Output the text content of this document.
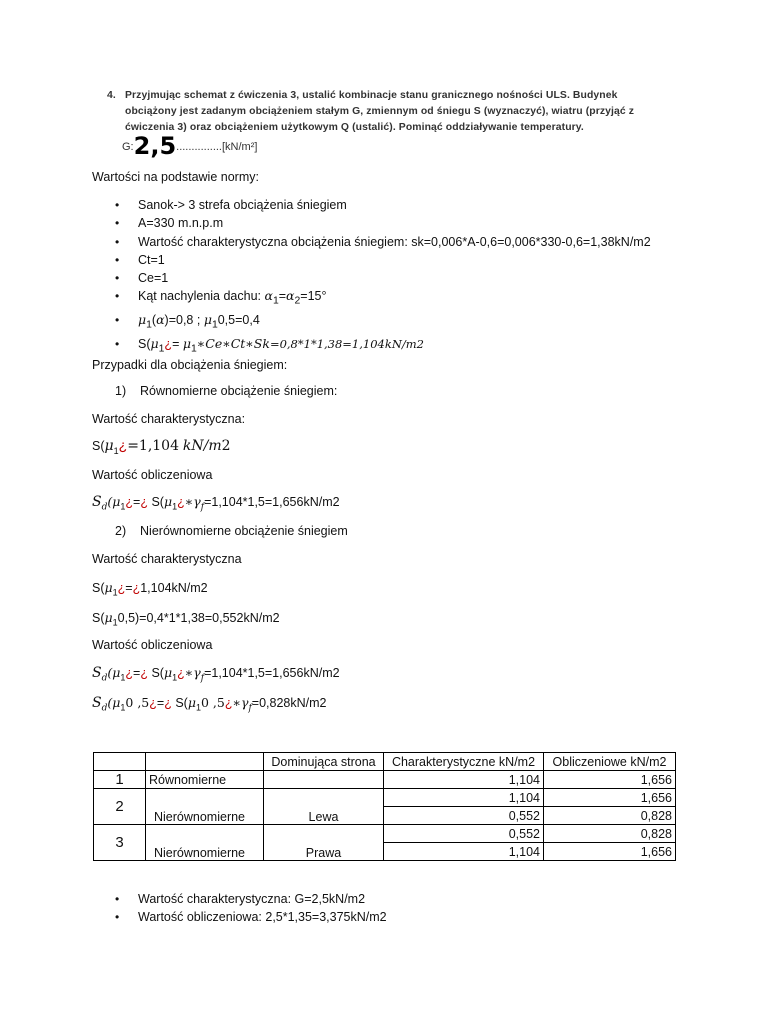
4. Przyjmując schemat z ćwiczenia 3, ustalić kombinacje stanu granicznego nośności ULS. Budynek obciążony jest zadanym obciążeniem stałym G, zmiennym od śniegu S (wyznaczyć), wiatru (przyjąć z ćwiczenia 3) oraz obciążeniem użytkowym Q (ustalić). Pominąć oddziaływanie temperatury.
G:2,5...............[kN/m²]
Wartości na podstawie normy:
• Sanok-> 3 strefa obciążenia śniegiem
• A=330 m.n.p.m
• Wartość charakterystyczna obciążenia śniegiem: sk=0,006*A-0,6=0,006*330-0,6=1,38kN/m2
• Ct=1
• Ce=1
• Kąt nachylenia dachu: $\alpha_1=\alpha_2=15^\circ$
• $\mu_1(\alpha)=0,8$ ; $\mu_10,5=0,4$
• $S(\mu_1¿=$ $\mu_1∗Ce∗Ct∗Sk=0,8*1*1,38=1,104kN/m2$
Przypadki dla obciążenia śniegiem:
1) Równomierne obciążenie śniegiem:
Wartość charakterystyczna:
$S(\mu_1¿=1,104$ kN/m2
Wartość obliczeniowa
$S_d(\mu_1¿=¿$ $S(\mu_1¿∗\gamma_f=1,104*1,5=1,656kN/m2$
2) Nierównomierne obciążenie śniegiem
Wartość charakterystyczna
$S(\mu_1¿=¿1,104kN/m2$
$S(\mu_10,5)=0,4*1*1,38=0,552kN/m2$
Wartość obliczeniowa
$S_d(\mu_1¿=¿$ $S(\mu_1¿∗\gamma_f=1,104*1,5=1,656kN/m2$
$S_d(\mu_10$ ,5¿=¿ $S(\mu_10$ $,5¿∗\gamma_f=0,828kN/m2$
		Dominująca strona	Charakterystyczne kN/m2	Obliczeniowe kN/m2
1	Równomierne		1,104	1,656
2	Nierównomierne	Lewa	1,104	1,656
			0,552	0,828
3	Nierównomierne	Prawa	0,552	0,828
			1,104	1,656
• Wartość charakterystyczna: G=2,5kN/m2
• Wartość obliczeniowa: 2,5*1,35=3,375kN/m2
